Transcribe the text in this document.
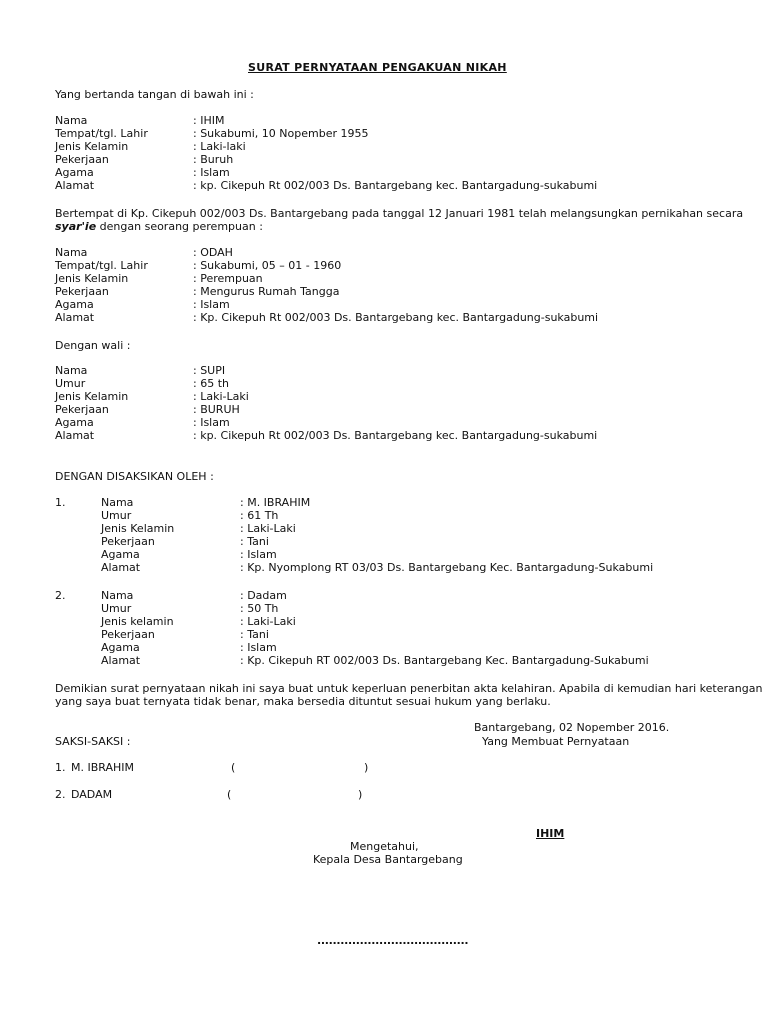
SURAT PERNYATAAN PENGAKUAN NIKAH
Yang bertanda tangan di bawah ini :
Nama	: IHIM
Tempat/tgl. Lahir	: Sukabumi, 10 Nopember 1955
Jenis Kelamin	: Laki-laki
Pekerjaan	: Buruh
Agama	: Islam
Alamat	: kp. Cikepuh Rt 002/003 Ds. Bantargebang kec. Bantargadung-sukabumi
Bertempat di Kp. Cikepuh 002/003 Ds. Bantargebang pada tanggal 12 Januari 1981 telah melangsungkan pernikahan secara
syar'ie dengan seorang perempuan :
Nama	: ODAH
Tempat/tgl. Lahir	: Sukabumi, 05 – 01 - 1960
Jenis Kelamin	: Perempuan
Pekerjaan	: Mengurus Rumah Tangga
Agama	: Islam
Alamat	: Kp. Cikepuh Rt 002/003 Ds. Bantargebang kec. Bantargadung-sukabumi
Dengan wali :
Nama	: SUPI
Umur	: 65 th
Jenis Kelamin	: Laki-Laki
Pekerjaan	: BURUH
Agama	: Islam
Alamat	: kp. Cikepuh Rt 002/003 Ds. Bantargebang kec. Bantargadung-sukabumi
DENGAN DISAKSIKAN OLEH :
1.	Nama	: M. IBRAHIM
Umur	: 61 Th
Jenis Kelamin	: Laki-Laki
Pekerjaan	: Tani
Agama	: Islam
Alamat	: Kp. Nyomplong RT 03/03 Ds. Bantargebang Kec. Bantargadung-Sukabumi
2.	Nama	: Dadam
Umur	: 50 Th
Jenis kelamin	: Laki-Laki
Pekerjaan	: Tani
Agama	: Islam
Alamat	: Kp. Cikepuh RT 002/003 Ds. Bantargebang Kec. Bantargadung-Sukabumi
Demikian surat pernyataan nikah ini saya buat untuk keperluan penerbitan akta kelahiran. Apabila di kemudian hari keterangan
yang saya buat ternyata tidak benar, maka bersedia dituntut sesuai hukum yang berlaku.
Bantargebang, 02 Nopember 2016.
SAKSI-SAKSI :	Yang Membuat Pernyataan
1. M. IBRAHIM	(	)
2. DADAM	(	)
IHIM
Mengetahui,
Kepala Desa Bantargebang
.......................................
